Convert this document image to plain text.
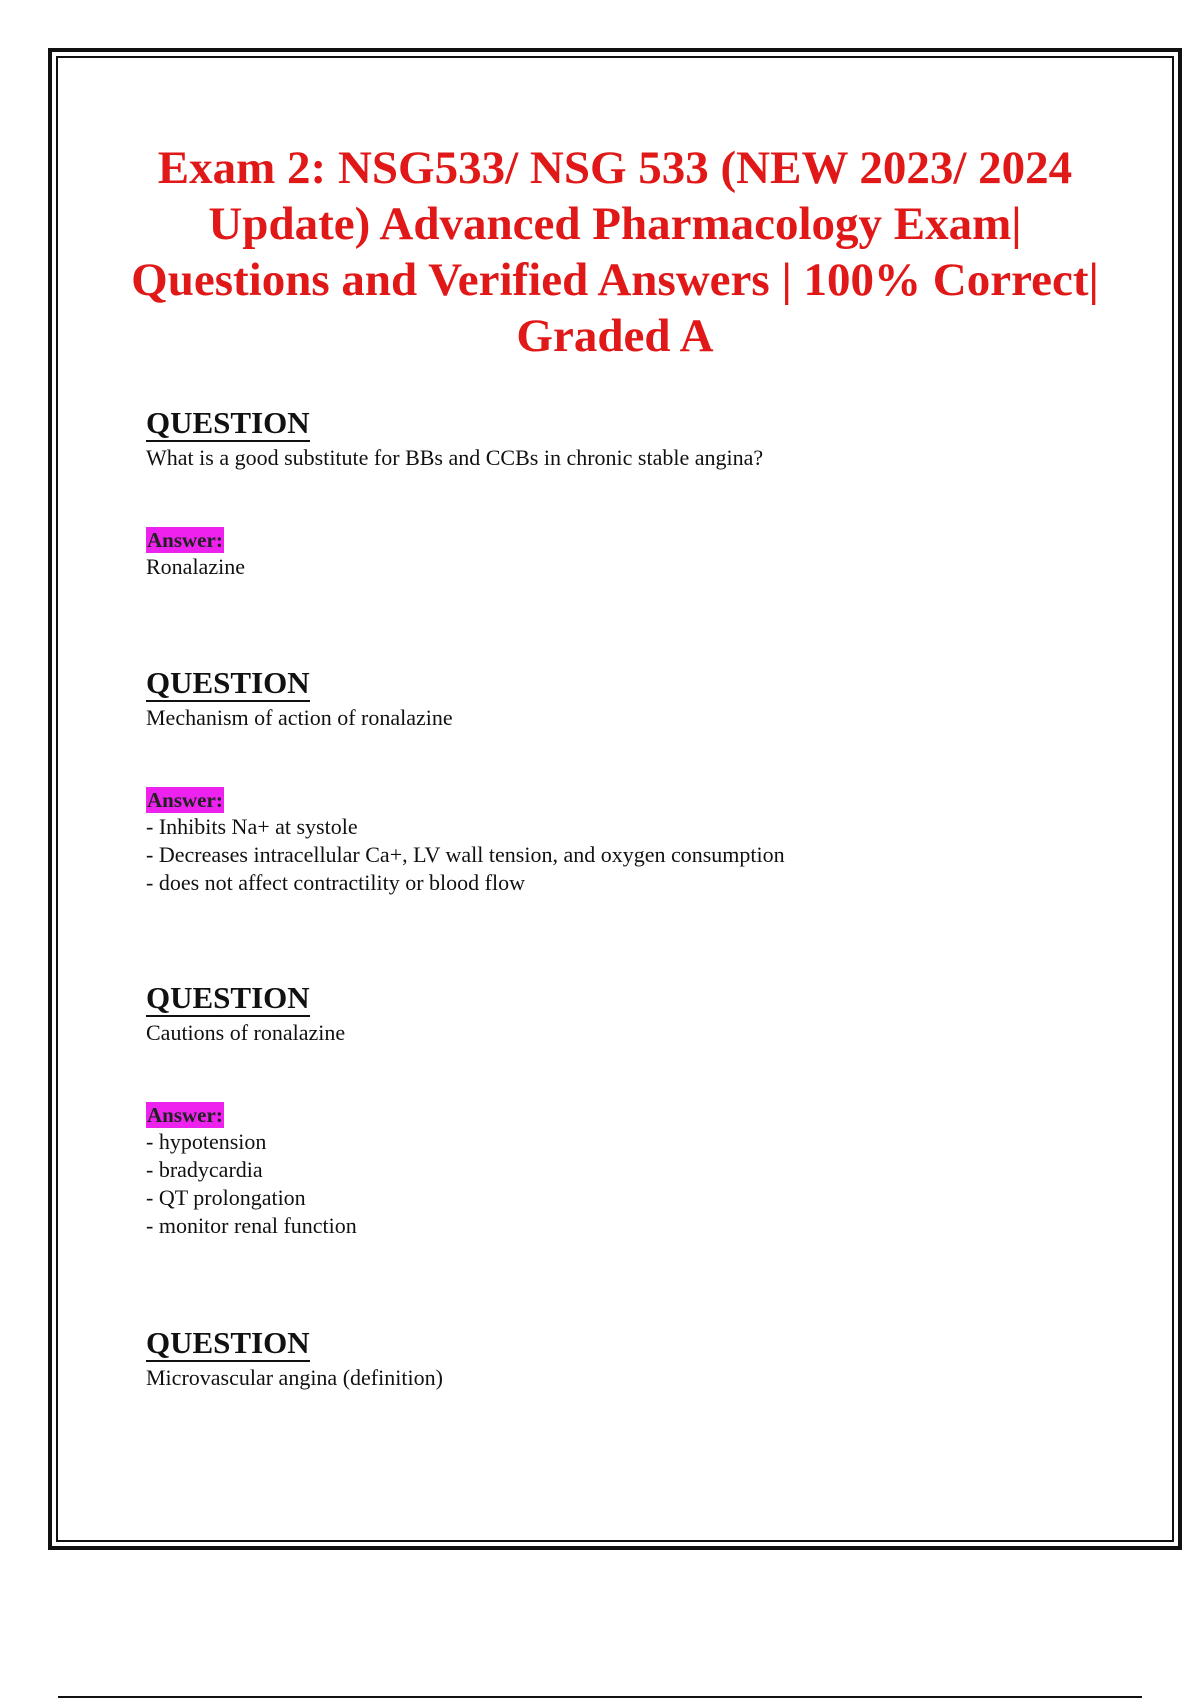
Exam 2: NSG533/ NSG 533 (NEW 2023/ 2024 Update) Advanced Pharmacology Exam| Questions and Verified Answers | 100% Correct| Graded A
QUESTION
What is a good substitute for BBs and CCBs in chronic stable angina?
Answer:
Ronalazine
QUESTION
Mechanism of action of ronalazine
Answer:
- Inhibits Na+ at systole
- Decreases intracellular Ca+, LV wall tension, and oxygen consumption
- does not affect contractility or blood flow
QUESTION
Cautions of ronalazine
Answer:
- hypotension
- bradycardia
- QT prolongation
- monitor renal function
QUESTION
Microvascular angina (definition)
